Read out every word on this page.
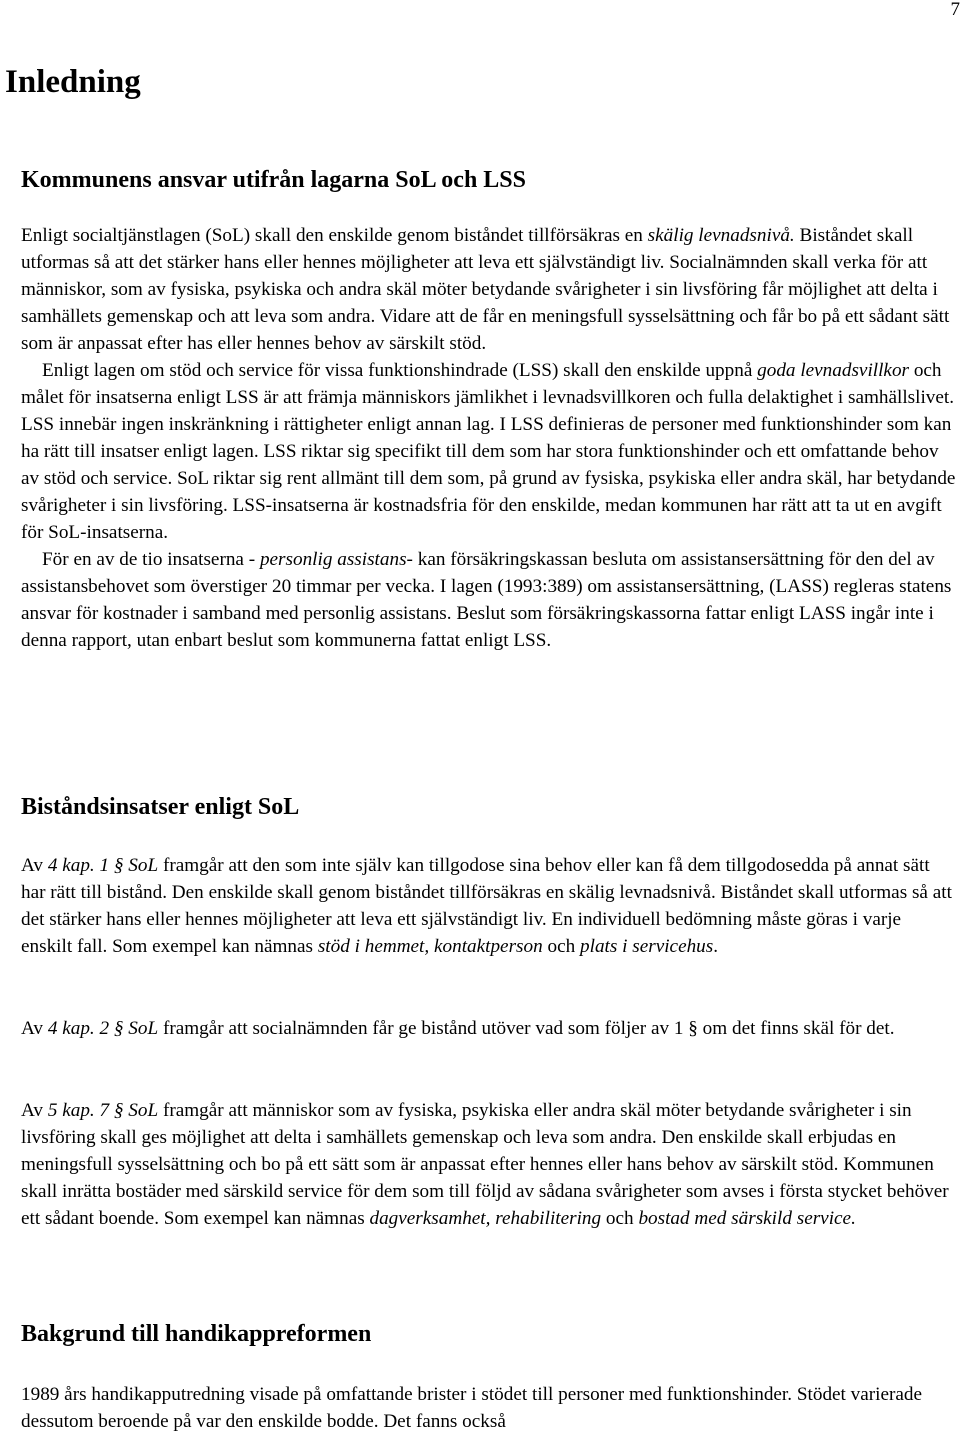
7
Inledning
Kommunens ansvar utifrån lagarna SoL och LSS

Enligt socialtjänstlagen (SoL) skall den enskilde genom biståndet tillförsäkras en skälig levnadsnivå. Biståndet skall utformas så att det stärker hans eller hennes möjligheter att leva ett självständigt liv. Socialnämnden skall verka för att människor, som av fysiska, psykiska och andra skäl möter betydande svårigheter i sin livsföring får möjlighet att delta i samhällets gemenskap och att leva som andra. Vidare att de får en meningsfull sysselsättning och får bo på ett sådant sätt som är anpassat efter has eller hennes behov av särskilt stöd.

Enligt lagen om stöd och service för vissa funktionshindrade (LSS) skall den enskilde uppnå goda levnadsvillkor och målet för insatserna enligt LSS är att främja människors jämlikhet i levnadsvillkoren och fulla delaktighet i samhällslivet. LSS innebär ingen inskränkning i rättigheter enligt annan lag. I LSS definieras de personer med funktionshinder som kan ha rätt till insatser enligt lagen. LSS riktar sig specifikt till dem som har stora funktionshinder och ett omfattande behov av stöd och service. SoL riktar sig rent allmänt till dem som, på grund av fysiska, psykiska eller andra skäl, har betydande svårigheter i sin livsföring. LSS-insatserna är kostnadsfria för den enskilde, medan kommunen har rätt att ta ut en avgift för SoL-insatserna.

För en av de tio insatserna - personlig assistans- kan försäkringskassan besluta om assistansersättning för den del av assistansbehovet som överstiger 20 timmar per vecka. I lagen (1993:389) om assistansersättning, (LASS) regleras statens ansvar för kostnader i samband med personlig assistans. Beslut som försäkringskassorna fattar enligt LASS ingår inte i denna rapport, utan enbart beslut som kommunerna fattat enligt LSS.

Biståndsinsatser enligt SoL

Av 4 kap. 1 § SoL framgår att den som inte själv kan tillgodose sina behov eller kan få dem tillgodosedda på annat sätt har rätt till bistånd. Den enskilde skall genom biståndet tillförsäkras en skälig levnadsnivå. Biståndet skall utformas så att det stärker hans eller hennes möjligheter att leva ett självständigt liv. En individuell bedömning måste göras i varje enskilt fall. Som exempel kan nämnas stöd i hemmet, kontaktperson och plats i servicehus.

Av 4 kap. 2 § SoL framgår att socialnämnden får ge bistånd utöver vad som följer av 1 § om det finns skäl för det.

Av 5 kap. 7 § SoL framgår att människor som av fysiska, psykiska eller andra skäl möter betydande svårigheter i sin livsföring skall ges möjlighet att delta i samhällets gemenskap och leva som andra. Den enskilde skall erbjudas en meningsfull sysselsättning och bo på ett sätt som är anpassat efter hennes eller hans behov av särskilt stöd. Kommunen skall inrätta bostäder med särskild service för dem som till följd av sådana svårigheter som avses i första stycket behöver ett sådant boende. Som exempel kan nämnas dagverksamhet, rehabilitering och bostad med särskild service.

Bakgrund till handikappreformen

1989 års handikapputredning visade på omfattande brister i stödet till personer med funktionshinder. Stödet varierade dessutom beroende på var den enskilde bodde. Det fanns också
